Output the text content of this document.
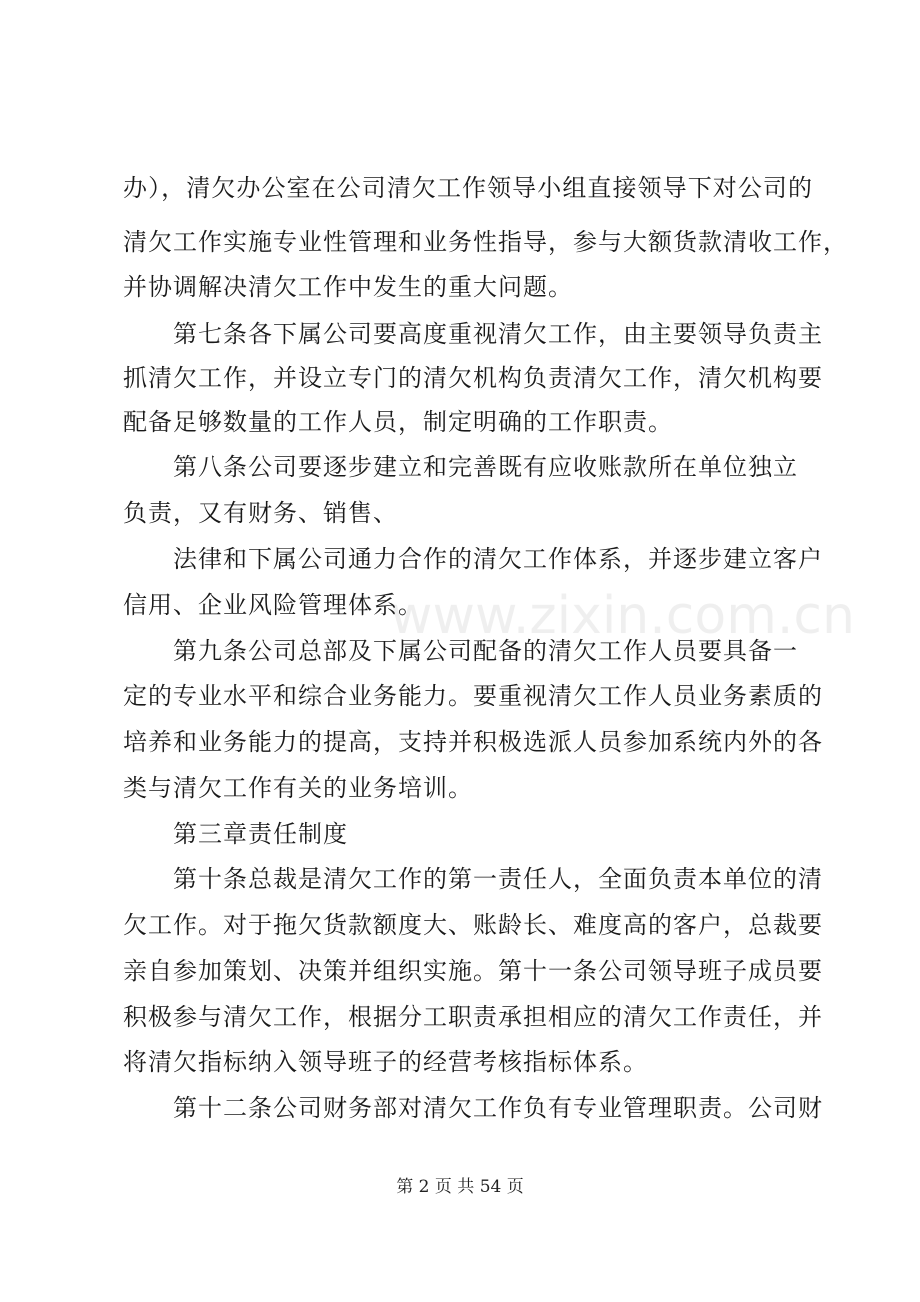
www.zixin.com.cn
办），清欠办公室在公司清欠工作领导小组直接领导下对公司的
清欠工作实施专业性管理和业务性指导，参与大额货款清收工作，
并协调解决清欠工作中发生的重大问题。
第七条各下属公司要高度重视清欠工作，由主要领导负责主
抓清欠工作，并设立专门的清欠机构负责清欠工作，清欠机构要
配备足够数量的工作人员，制定明确的工作职责。
第八条公司要逐步建立和完善既有应收账款所在单位独立
负责，又有财务、销售、
法律和下属公司通力合作的清欠工作体系，并逐步建立客户
信用、企业风险管理体系。
第九条公司总部及下属公司配备的清欠工作人员要具备一
定的专业水平和综合业务能力。要重视清欠工作人员业务素质的
培养和业务能力的提高，支持并积极选派人员参加系统内外的各
类与清欠工作有关的业务培训。
第三章责任制度
第十条总裁是清欠工作的第一责任人，全面负责本单位的清
欠工作。对于拖欠货款额度大、账龄长、难度高的客户，总裁要
亲自参加策划、决策并组织实施。第十一条公司领导班子成员要
积极参与清欠工作，根据分工职责承担相应的清欠工作责任，并
将清欠指标纳入领导班子的经营考核指标体系。
第十二条公司财务部对清欠工作负有专业管理职责。公司财
第 2 页 共 54 页
